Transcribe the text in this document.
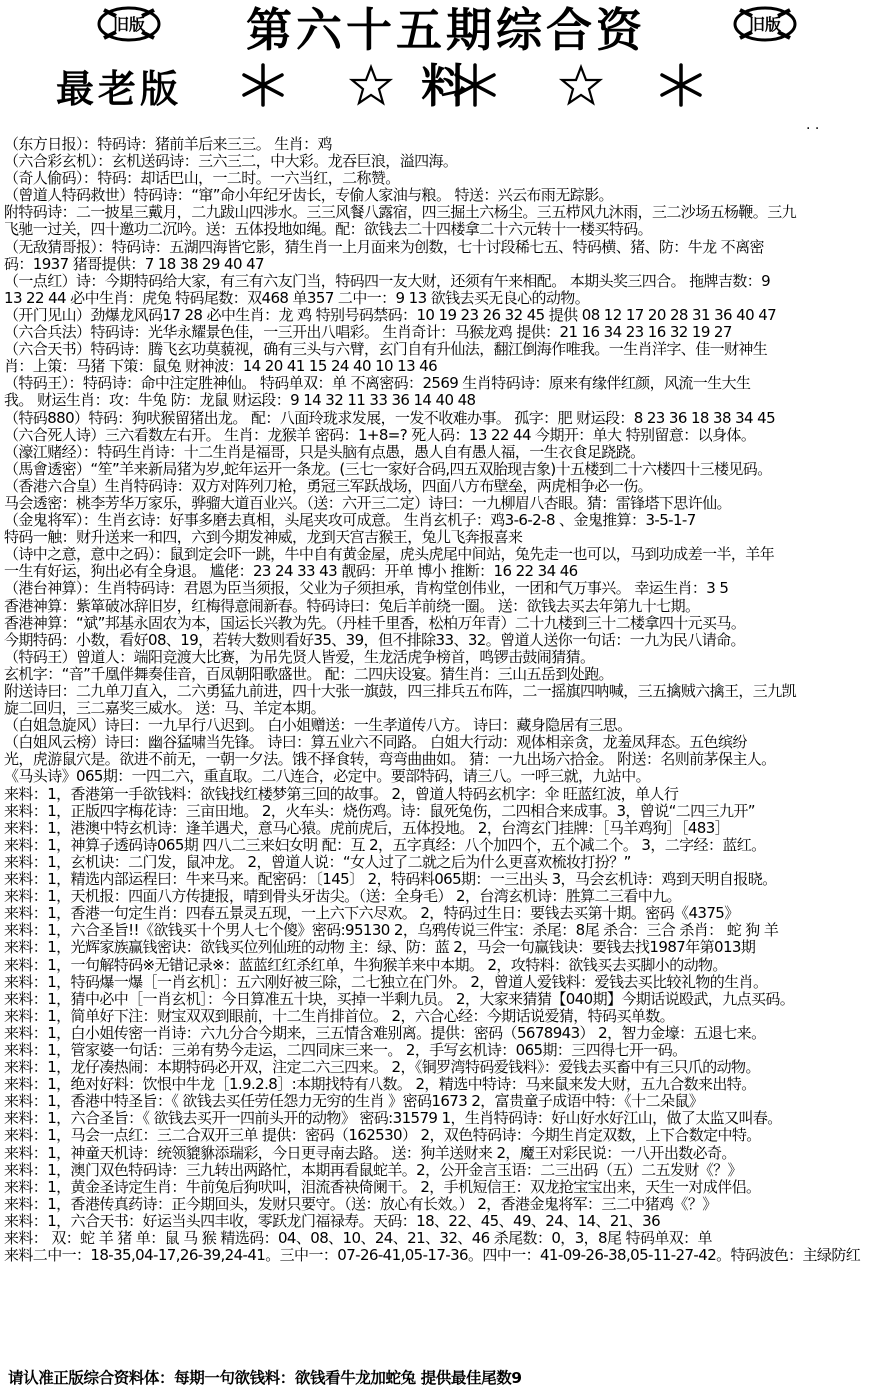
旧版 第六十五期综合资料
旧版
最老版
. .
（东方日报）：特码诗：猪前羊后来三三。 生肖：鸡
（六合彩玄机）：玄机送码诗：三六三二，中大彩。龙吞巨浪，溢四海。
（奇人偷码）：特码：却话巴山，一二时。一六当红，二称赞。
（曾道人特码救世）特码诗：“窜”命小年纪牙齿长，专偷人家油与粮。 特送：兴云布雨无踪影。
附特码诗：二一披星三戴月，二九跋山四涉水。三三风餐八露宿，四三掘土六杨尘。三五栉风九沐雨，三二沙场五杨鞭。三九
飞驰一过关，四十邀功二沉吟。送：五体投地如绳。配：欲钱去二十四楼拿二十六元转十一楼买特码。
（无敌猜哥报）：特码诗：五湖四海皆它影，猜生肖一上月面来为创数，七十讨段稀七五、特码横、猪、防：牛龙 不离密
码：1937 猪哥提供：7 18 38 29 40 47
（一点红）诗：今期特码给大家，有三有六友门当，特码四一友大财，还须有午来相配。 本期头奖三四合。 拖牌吉数：9
13 22 44 必中生肖：虎兔 特码尾数：双468 单357 二中一：9 13 欲钱去买无良心的动物。
（开门见山）劲爆龙风码17 28 必中生肖：龙 鸡 特别号码禁码：10 19 23 26 32 45 提供 08 12 17 20 28 31 36 40 47
（六合兵法）特码诗：光华永耀景色佳，一三开出八唱彩。 生肖奇计：马猴龙鸡 提供：21 16 34 23 16 32 19 27
（六合天书）特码诗：腾飞玄功莫藐视，确有三头与六臂，玄门自有升仙法，翻江倒海作唯我。一生肖洋字、佳一财神生
肖：上策：马猪 下策：鼠兔 财神波：14 20 41 15 24 40 10 13 46
（特码王）：特码诗：命中注定胜神仙。 特码单双：单 不离密码：2569 生肖特码诗：原来有缘伴红颜，风流一生大生
我。 财运生肖：攻：牛兔 防：龙鼠 财运段：9 14 32 11 33 36 14 40 48
（特码880）特码：狗吠猴留猪出龙。 配：八面玲珑求发展，一发不收难办事。 孤字：肥 财运段：8 23 36 18 38 34 45
（六合死人诗）三六看数左右开。 生肖：龙猴羊 密码：1+8=? 死人码：13 22 44 今期开：单大 特别留意：以身体。
（濠江赌经）：特码生肖诗：十二生肖是福哥，只是头脑有点愚，愚人自有愚人福，一生衣食足跷跷。
（馬會透密）“笙”羊来新局猪为岁,蛇年运开一条龙。(三七一家好合码,四五双胎现吉象)十五楼到二十六楼四十三楼见码。
（香港六合皇）生肖特码诗：双方对阵列刀枪，勇冠三军跃战场，四面八方布壁垒，两虎相争必一伤。
马会透密：桃李芳华万家乐，骅骝大道百业兴。（送：六开三二定）诗曰：一九柳眉八杏眼。猜：雷锋塔下思许仙。
（金鬼将军）：生肖玄诗：好事多磨去真相，头尾夹攻可成意。 生肖玄机子：鸡3-6-2-8 、金鬼推算：3-5-1-7
特码一触：财升送来一和四，六到今期发神威，龙到天宫吉猴王，兔儿飞奔报喜来
（诗中之意，意中之码）：鼠到定会吓一跳，牛中自有黄金屋，虎头虎尾中间站，兔先走一也可以，马到功成差一半，羊年
一生有好运，狗出必有全身退。 尴佬：23 24 33 43 靓码：开单 博小 推断：16 22 34 46
（港台神算）：生肖特码诗：君恩为臣当须报，父业为子须担承，肯构堂创伟业，一团和气万事兴。 幸运生肖：3 5
香港神算：紫箪破冰辞旧岁，红梅得意闹新春。特码诗曰：兔后羊前绕一圈。 送：欲钱去买去年第九十七期。
香港神算：“斌”邦基永固农为本，国运长兴教为先。（丹桂千里香，松柏万年青）二十九楼到三十二楼拿四十元买马。
今期特码：小数，看好08、19，若转大数则看好35、39，但不排除33、32。曾道人送你一句话：一九为民八请命。
（特码王）曾道人：端阳竞渡大比赛，为吊先贤人皆爱，生龙活虎争榜首，鸣锣击鼓闹猜猜。
玄机字：“音”千凰伴舞奏佳音，百凤朝阳歌盛世。 配：二四庆设宴。猜生肖：三山五岳到处跑。
附送诗曰：二九单刀直入，二六勇猛九前进，四十大张一旗鼓，四三排兵五布阵，二一摇旗四呐喊，三五擒贼六擒王，三九凯
旋二回归，三二嘉奖三威水。 送：马、羊定本期。
（白姐急旋风）诗曰：一九早行八迟到。 白小姐赠送：一生孝道传八方。 诗曰：藏身隐居有三思。
（白姐风云榜）诗曰：幽谷猛啸当先锋。 诗曰：算五业六不同路。 白姐大行动：观体相亲贪，龙羞凤拜态。五色缤纷
光，虎游鼠穴是。欲进不前无，一朝一夕法。饿不择食转，弯弯曲曲如。 猜：一九出场六拾金。 附送：名则前茅保主人。
《马头诗》065期：一四二六，重直取。二八连合，必定中。要部特码，请三八。一呼三就，九站中。
来料：1，香港第一手欲钱料：欲钱找红楼梦第三回的故事。 2，曾道人特码玄机字：伞 旺蓝红波，单人行
来料：1，正版四字梅花诗：三亩田地。 2，火车头：烧伤鸡。诗：鼠死兔伤，二四相合来成事。3，曾说“二四三九开”
来料：1，港澳中特玄机诗：逢羊遇犬，意马心猿。虎前虎后，五体投地。 2，台湾玄门挂牌：［马羊鸡狗］［483］
来料：1，神算子透码诗065期 四八二三来妇女明 配：互 2，五字真经：八个加四个，五个减二个。 3，二字经：蓝红。
来料：1，玄机诀：二门发，鼠冲龙。 2，曾道人说：“女人过了二就之后为什么更喜欢梳妆打扮？”
来料：1，精选内部运程曰：牛来马来。配密码：〔145〕 2，特码料065期：一三出头 3，马会玄机诗：鸡到天明自报晓。
来料：1，天机报：四面八方传捷报，晴到骨头牙齿尖。（送：全身毛） 2，台湾玄机诗：胜算二三看中九。
来料：1，香港一句定生肖：四春五景灵五现，一上六下六尽欢。 2，特码过生日：要钱去买第十期。密码《4375》
来料：1，六合圣旨!!《欲钱买十个男人七个傻》密码:95130 2，乌鸦传说三件宝：杀尾：8尾 杀合：三合 杀肖： 蛇 狗 羊
来料：1，光辉家族赢钱密诀：欲钱买位列仙班的动物 主：绿、防：蓝 2，马会一句赢钱诀：要钱去找1987年第013期
来料：1，一句解特码※无错记录※：蓝蓝红红杀红单，牛狗猴羊来中本期。 2，攻特料：欲钱买去买脚小的动物。
来料：1，特码爆一爆［一肖玄机］：五六刚好被三除，二七独立在门外。 2，曾道人爱钱料：爱钱去买比较礼物的生肖。
来料：1，猜中必中［一肖玄机］：今日算准五十块，买掉一半剩九员。 2，大家来猜猜【040期】今期话说殴武，九点买码。
来料：1，简单好下注：财宝双双到眼前，十二生肖排首位。 2，六合心经：今期话说爱猜，特码买单数。
来料：1，白小姐传密一肖诗：六九分合今期来，三五情含难别离。提供：密码（5678943） 2，智力金壕：五退七来。
来料：1，管家婆一句话：三弟有势今走运，二四同床三来一。 2，手写玄机诗：065期：三四得七开一码。
来料：1，龙仔凑热闹：本期特码必开双，注定二六三四来。 2，《铜罗湾特码爱钱料》：爱钱去买畜中有三只爪的动物。
来料：1，绝对好料：饮恨中牛龙［1.9.2.8］:本期找特有八数。 2，精选中特诗：马来鼠来发大财，五九合数来出特。
来料：1，香港中特圣旨：《 欲钱去买任劳任怨力无穷的生肖 》密码1673 2，富贵童子成语中特：《十二朵鼠》
来料：1，六合圣旨：《 欲钱去买开一四前头开的动物》 密码:31579 1，生肖特码诗：好山好水好江山，做了太监又叫春。
来料：1，马会一点红：三二合双开三单 提供：密码（162530） 2，双色特码诗：今期生肖定双数，上下合数定中特。
来料：1，神童天机诗：统领貔貅添瑞彩，今日更寻南去路。 送：狗羊送财来 2，魔王对彩民说：一八开出数必奇。
来料：1，澳门双色特码诗：三九转出两路忙，本期再看鼠蛇羊。2，公开金言玉语：二三出码（五）二五发财《？》
来料：1，黄金圣诗定生肖：牛前兔后狗吠叫，泪流香袂倚阑干。 2，手机短信王：双龙抢宝宝出来，天生一对成伴侣。
来料：1，香港传真药诗：正今期回头，发财只要守。（送：放心有长效。） 2，香港金鬼将军：三二中猪鸡《？》
来料：1，六合天书：好运当头四丰收，零跃龙门福禄寿。天码：18、22、45、49、24、14、21、36
来料： 双：蛇 羊 猪 单：鼠 马 猴 精选码：04、08、10、24、21、32、46 杀尾数：0，3，8尾 特码单双：单
来料二中一：18-35,04-17,26-39,24-41。三中一：07-26-41,05-17-36。四中一：41-09-26-38,05-11-27-42。特码波色：主绿防红
请认准正版综合资料体：每期一句欲钱料：欲钱看牛龙加蛇兔 提供最佳尾数9
